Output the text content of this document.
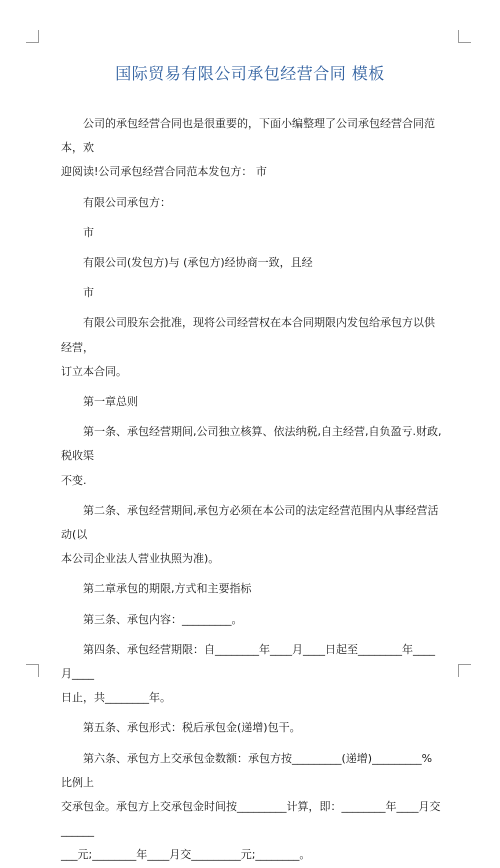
国际贸易有限公司承包经营合同 模板

公司的承包经营合同也是很重要的，下面小编整理了公司承包经营合同范本，欢

迎阅读!公司承包经营合同范本发包方： 市

有限公司承包方：

市

有限公司(发包方)与 (承包方)经协商一致，且经

市

有限公司股东会批准，现将公司经营权在本合同期限内发包给承包方以供经营，

订立本合同。

第一章总则

第一条、承包经营期间,公司独立核算、依法纳税,自主经营,自负盈亏.财政,税收渠

不变.

第二条、承包经营期间,承包方必须在本公司的法定经营范围内从事经营活动(以

本公司企业法人营业执照为准)。

第二章承包的期限,方式和主要指标

第三条、承包内容：_________。

第四条、承包经营期限：自________年____月____日起至________年____月____

日止，共________年。

第五条、承包形式：税后承包金(递增)包干。

第六条、承包方上交承包金数额：承包方按_________(递增)_________%比例上

交承包金。承包方上交承包金时间按_________计算，即：________年____月交______

___元;________年____月交_________元;________。
